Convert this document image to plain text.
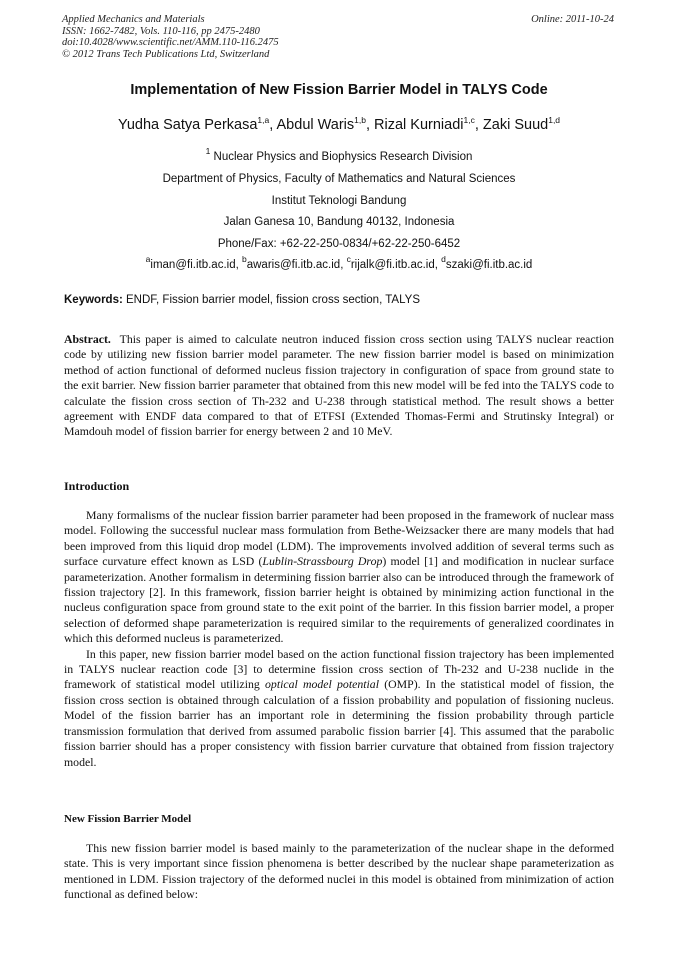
Applied Mechanics and Materials
ISSN: 1662-7482, Vols. 110-116, pp 2475-2480
doi:10.4028/www.scientific.net/AMM.110-116.2475
© 2012 Trans Tech Publications Ltd, Switzerland
Online: 2011-10-24
Implementation of New Fission Barrier Model in TALYS Code
Yudha Satya Perkasa$^{1,a}$, Abdul Waris$^{1,b}$, Rizal Kurniadi$^{1,c}$, Zaki Suud$^{1,d}$
$^1$ Nuclear Physics and Biophysics Research Division
Department of Physics, Faculty of Mathematics and Natural Sciences
Institut Teknologi Bandung
Jalan Ganesa 10, Bandung 40132, Indonesia
Phone/Fax: +62-22-250-0834/+62-22-250-6452
$^a$iman@fi.itb.ac.id, $^b$awaris@fi.itb.ac.id, $^c$rijalk@fi.itb.ac.id, $^d$szaki@fi.itb.ac.id
Keywords: ENDF, Fission barrier model, fission cross section, TALYS

Abstract. This paper is aimed to calculate neutron induced fission cross section using TALYS nuclear reaction code by utilizing new fission barrier model parameter. The new fission barrier model is based on minimization method of action functional of deformed nucleus fission trajectory in configuration of space from ground state to the exit barrier. New fission barrier parameter that obtained from this new model will be fed into the TALYS code to calculate the fission cross section of Th-232 and U-238 through statistical method. The result shows a better agreement with ENDF data compared to that of ETFSI (Extended Thomas-Fermi and Strutinsky Integral) or Mamdouh model of fission barrier for energy between 2 and 10 MeV.

Introduction

Many formalisms of the nuclear fission barrier parameter had been proposed in the framework of nuclear mass model. Following the successful nuclear mass formulation from Bethe-Weizsacker there are many models that had been improved from this liquid drop model (LDM). The improvements involved addition of several terms such as surface curvature effect known as LSD (Lublin-Strassbourg Drop) model [1] and modification in nuclear surface parameterization. Another formalism in determining fission barrier also can be introduced through the framework of fission trajectory [2]. In this framework, fission barrier height is obtained by minimizing action functional in the nucleus configuration space from ground state to the exit point of the barrier. In this fission barrier model, a proper selection of deformed shape parameterization is required similar to the requirements of generalized coordinates in which this deformed nucleus is parameterized.

In this paper, new fission barrier model based on the action functional fission trajectory has been implemented in TALYS nuclear reaction code [3] to determine fission cross section of Th-232 and U-238 nuclide in the framework of statistical model utilizing optical model potential (OMP). In the statistical model of fission, the fission cross section is obtained through calculation of a fission probability and population of fissioning nucleus. Model of the fission barrier has an important role in determining the fission probability through particle transmission formulation that derived from assumed parabolic fission barrier [4]. This assumed that the parabolic fission barrier should has a proper consistency with fission barrier curvature that obtained from fission trajectory model.

New Fission Barrier Model

This new fission barrier model is based mainly to the parameterization of the nuclear shape in the deformed state. This is very important since fission phenomena is better described by the nuclear shape parameterization as mentioned in LDM. Fission trajectory of the deformed nuclei in this model is obtained from minimization of action functional as defined below:
